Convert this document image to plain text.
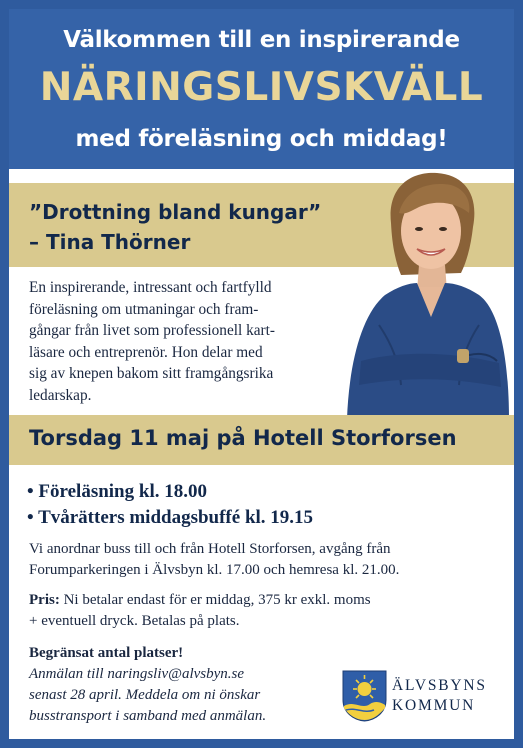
Välkommen till en inspirerande
NÄRINGSLIVSKVÄLL
med föreläsning och middag!
”Drottning bland kungar”
– Tina Thörner
En inspirerande, intressant och fartfylld
föreläsning om utmaningar och fram-
gångar från livet som professionell kart-
läsare och entreprenör. Hon delar med
sig av knepen bakom sitt framgångsrika
ledarskap.
Torsdag 11 maj på Hotell Storforsen
• Föreläsning kl. 18.00
• Tvårätters middagsbuffé kl. 19.15
Vi anordnar buss till och från Hotell Storforsen, avgång från
Forumparkeringen i Älvsbyn kl. 17.00 och hemresa kl. 21.00.
Pris: Ni betalar endast för er middag, 375 kr exkl. moms
+ eventuell dryck. Betalas på plats.
Begränsat antal platser!
Anmälan till naringsliv@alvsbyn.se
senast 28 april. Meddela om ni önskar
busstransport i samband med anmälan.
ÄLVSBYNS
KOMMUN
